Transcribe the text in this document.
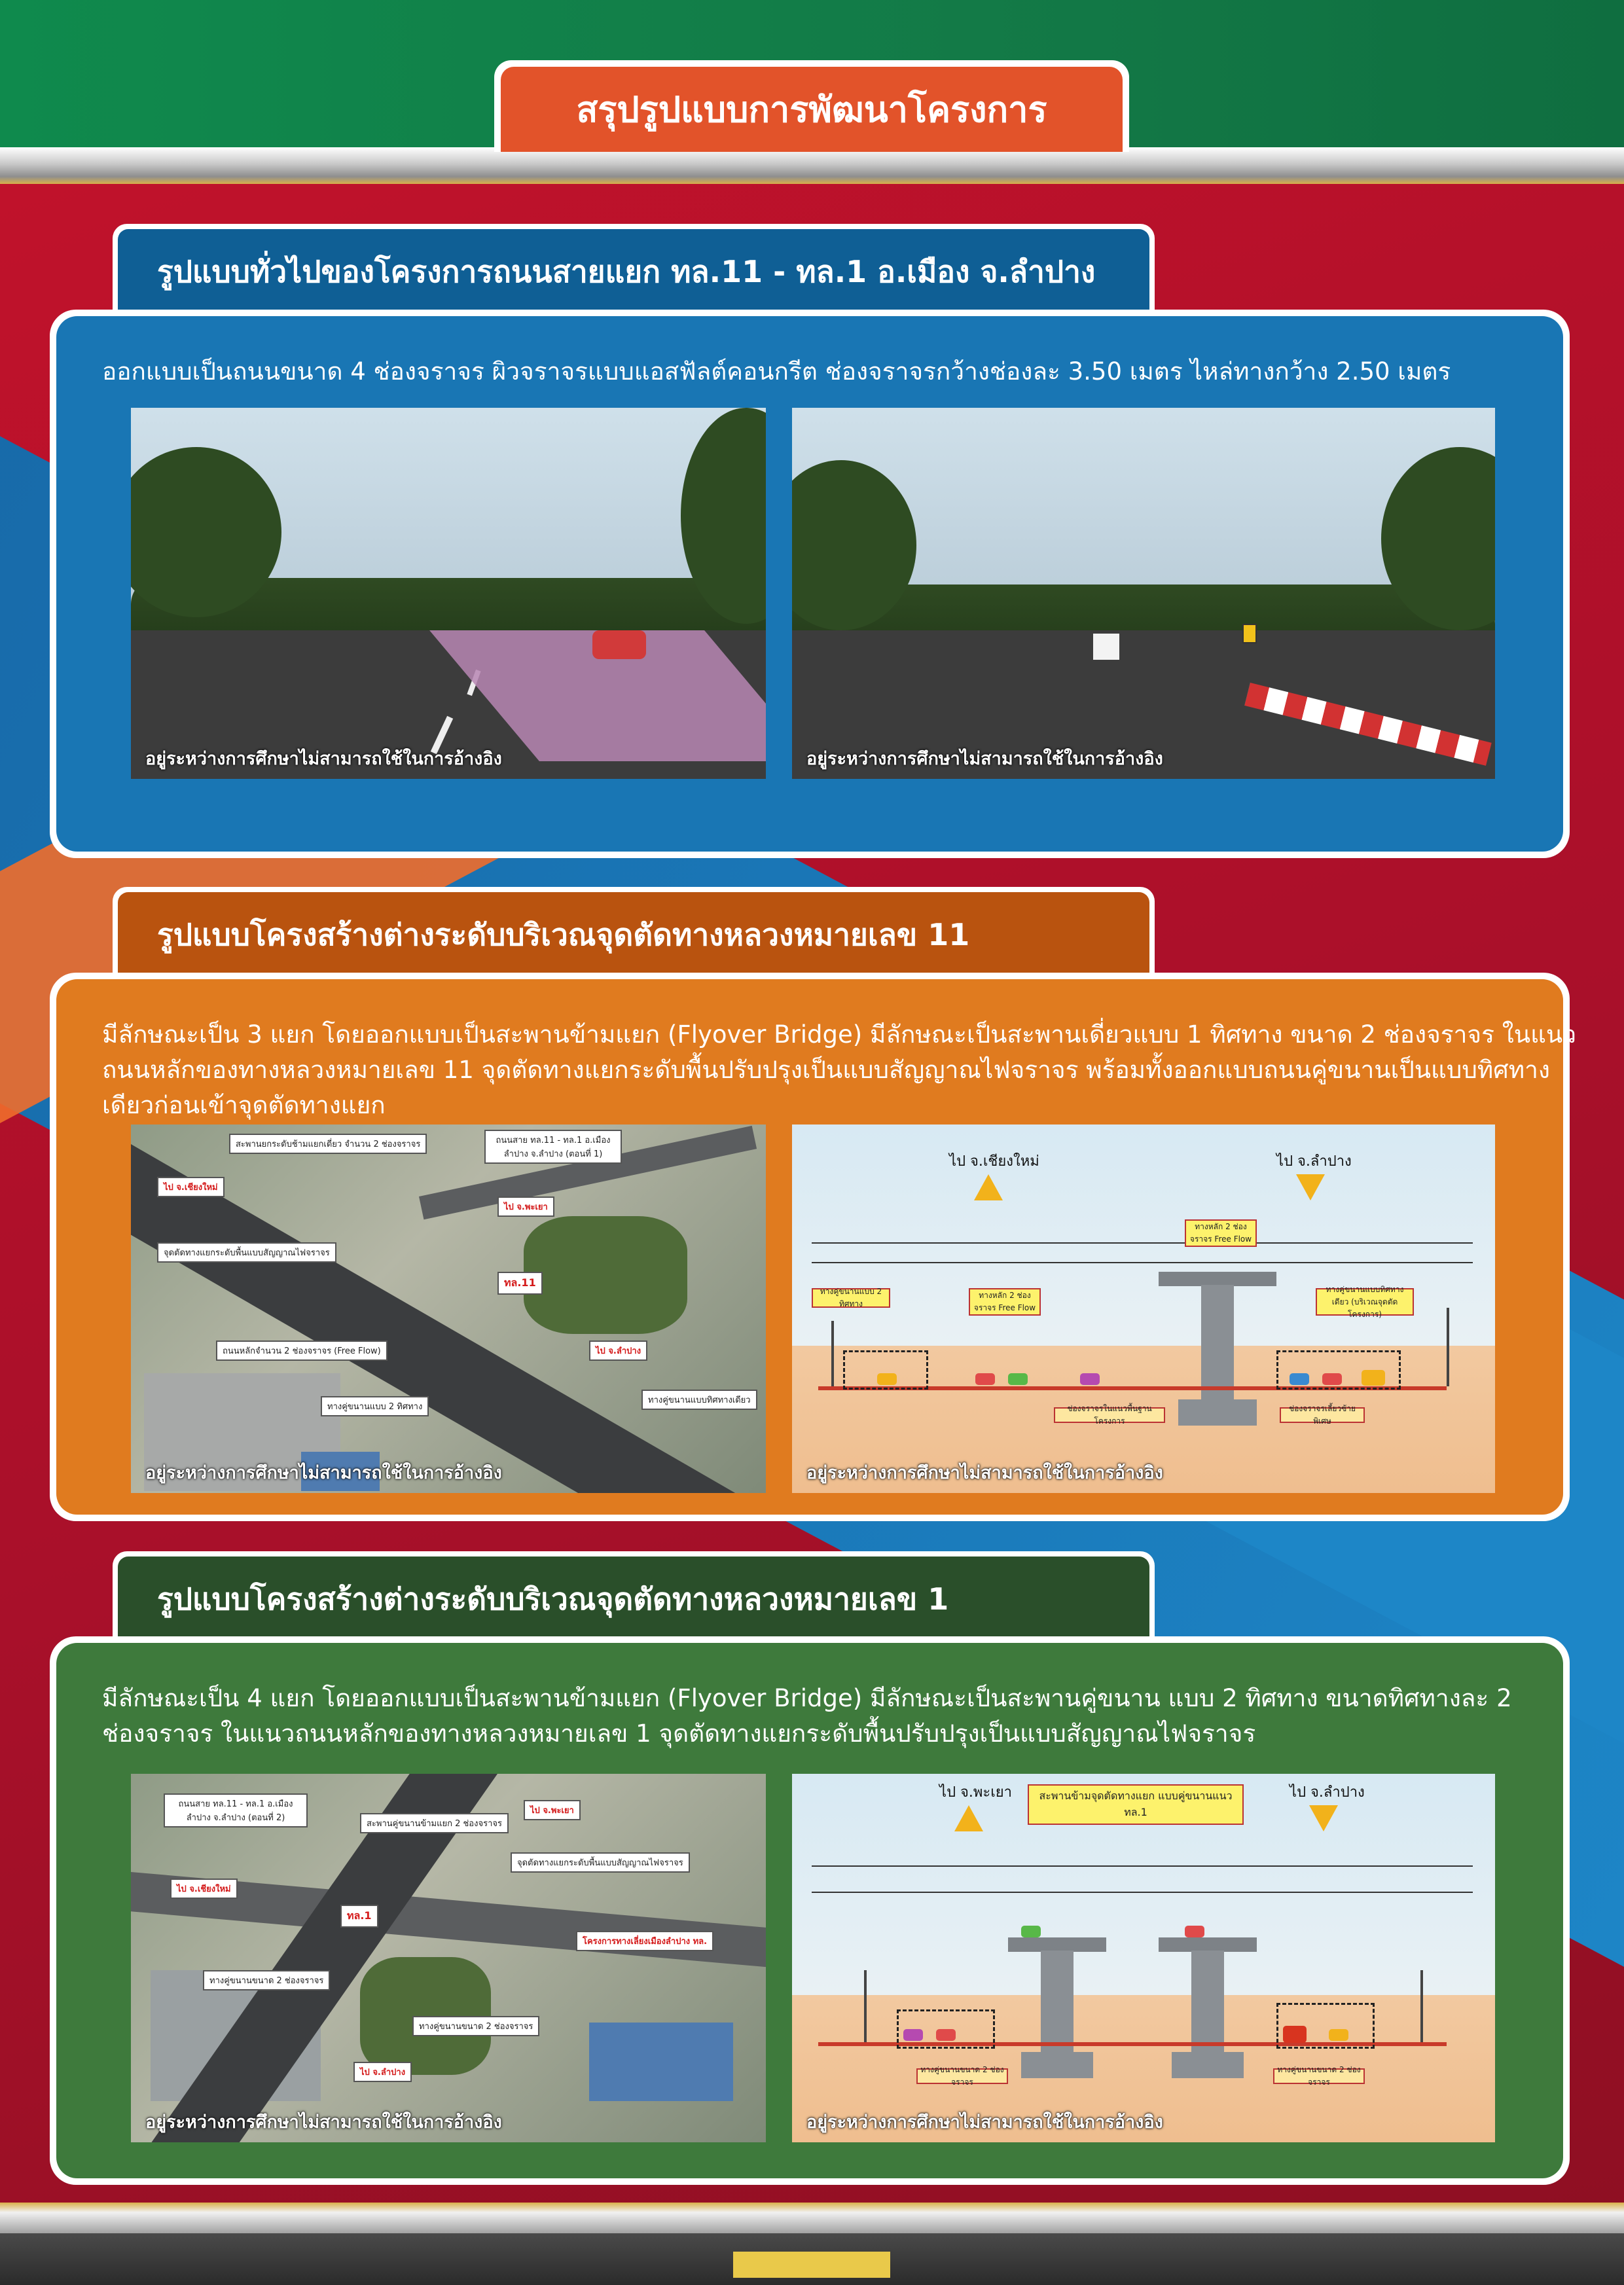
สรุปรูปแบบการพัฒนาโครงการ
รูปแบบทั่วไปของโครงการถนนสายแยก ทล.11 - ทล.1 อ.เมือง จ.ลำปาง
ออกแบบเป็นถนนขนาด 4 ช่องจราจร ผิวจราจรแบบแอสฟัลต์คอนกรีต ช่องจราจรกว้างช่องละ 3.50 เมตร ไหล่ทางกว้าง 2.50 เมตร
อยู่ระหว่างการศึกษาไม่สามารถใช้ในการอ้างอิง	อยู่ระหว่างการศึกษาไม่สามารถใช้ในการอ้างอิง
รูปแบบโครงสร้างต่างระดับบริเวณจุดตัดทางหลวงหมายเลข 11
มีลักษณะเป็น 3 แยก โดยออกแบบเป็นสะพานข้ามแยก (Flyover Bridge) มีลักษณะเป็นสะพานเดี่ยวแบบ 1 ทิศทาง ขนาด 2 ช่องจราจร ในแนวถนนหลักของทางหลวงหมายเลข 11 จุดตัดทางแยกระดับพื้นปรับปรุงเป็นแบบสัญญาณไฟจราจร พร้อมทั้งออกแบบถนนคู่ขนานเป็นแบบทิศทางเดียวก่อนเข้าจุดตัดทางแยก
สะพานยกระดับช้ามแยกเดี่ยว จำนวน 2 ช่องจราจร	ถนนสาย ทล.11 - ทล.1 อ.เมืองลำปาง จ.ลำปาง (ตอนที่ 1)
ไป จ.เชียงใหม่
ไป จ.พะเยา
จุดตัดทางแยกระดับพื้นแบบสัญญาณไฟจราจร
ทล.11
ถนนหลักจำนวน 2 ช่องจราจร (Free Flow)	ไป จ.ลำปาง
ทางคู่ขนานแบบ 2 ทิศทาง
ทางคู่ขนานแบบทิศทางเดียว
อยู่ระหว่างการศึกษาไม่สามารถใช้ในการอ้างอิง
ไป จ.เชียงใหม่	ไป จ.ลำปาง
ทางหลัก 2 ช่องจราจร Free Flow
ทางคู่ขนานแบบ 2 ทิศทาง
ทางหลัก 2 ช่องจราจร Free Flow
ทางคู่ขนานแบบทิศทางเดียว (บริเวณจุดตัดโครงการ)
ช่องจราจรในแนวพื้นฐานโครงการ
ช่องจราจรเลี้ยวซ้ายพิเศษ
อยู่ระหว่างการศึกษาไม่สามารถใช้ในการอ้างอิง
รูปแบบโครงสร้างต่างระดับบริเวณจุดตัดทางหลวงหมายเลข 1
มีลักษณะเป็น 4 แยก โดยออกแบบเป็นสะพานข้ามแยก (Flyover Bridge) มีลักษณะเป็นสะพานคู่ขนาน แบบ 2 ทิศทาง ขนาดทิศทางละ 2 ช่องจราจร ในแนวถนนหลักของทางหลวงหมายเลข 1 จุดตัดทางแยกระดับพื้นปรับปรุงเป็นแบบสัญญาณไฟจราจร
ถนนสาย ทล.11 - ทล.1 อ.เมืองลำปาง จ.ลำปาง (ตอนที่ 2)
สะพานคู่ขนานข้ามแยก 2 ช่องจราจร
ไป จ.พะเยา
ไป จ.เชียงใหม่
จุดตัดทางแยกระดับพื้นแบบสัญญาณไฟจราจร
ทล.1
โครงการทางเลี่ยงเมืองลำปาง ทล.
ทางคู่ขนานขนาด 2 ช่องจราจร
ทางคู่ขนานขนาด 2 ช่องจราจร
ไป จ.ลำปาง
อยู่ระหว่างการศึกษาไม่สามารถใช้ในการอ้างอิง
ไป จ.พะเยา	ไป จ.ลำปาง
สะพานข้ามจุดตัดทางแยก แบบคู่ขนานแนว ทล.1
ทางคู่ขนานขนาด 2 ช่องจราจร
ทางคู่ขนานขนาด 2 ช่องจราจร
อยู่ระหว่างการศึกษาไม่สามารถใช้ในการอ้างอิง
